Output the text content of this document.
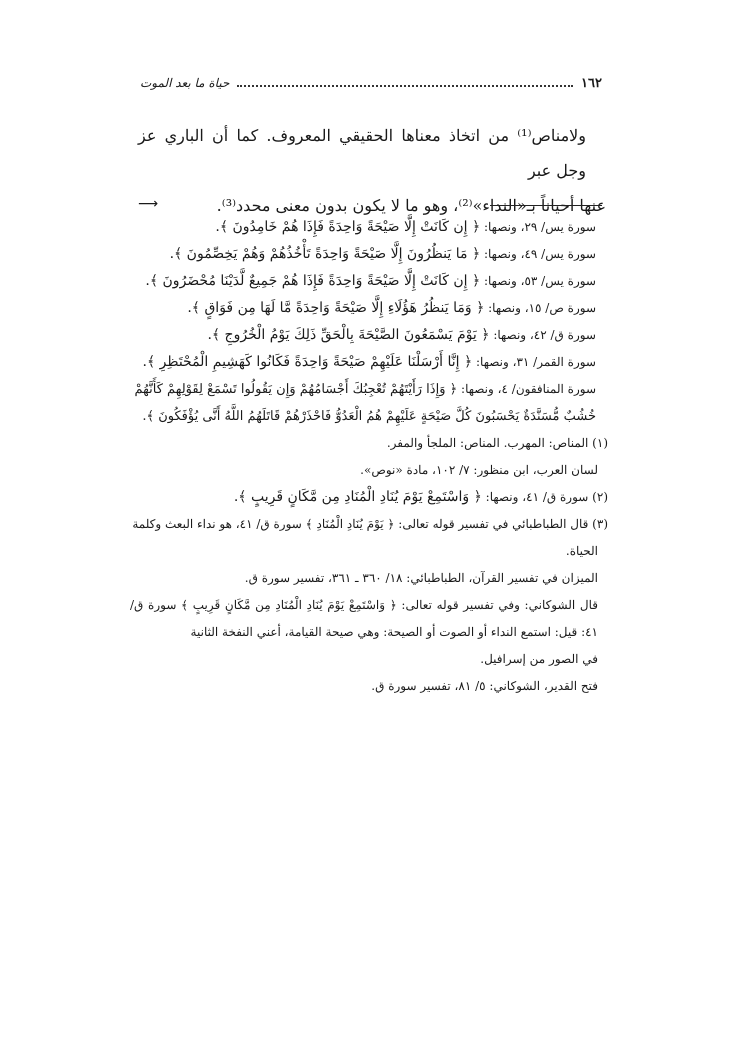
١٦٢
حياة ما بعد الموت
ولامناص⁽¹⁾ من اتخاذ معناها الحقيقي المعروف. كما أن الباري عز وجل عبر
عنها أحياناً بـ«النداء»⁽²⁾، وهو ما لا يكون بدون معنى محدد⁽³⁾.
⟶
سورة يس/ ٢٩، ونصها: ﴿ إِن كَانَتْ إِلَّا صَيْحَةً وَاحِدَةً فَإِذَا هُمْ خَامِدُونَ ﴾.
سورة يس/ ٤٩، ونصها: ﴿ مَا يَنظُرُونَ إِلَّا صَيْحَةً وَاحِدَةً تَأْخُذُهُمْ وَهُمْ يَخِصِّمُونَ ﴾.
سورة يس/ ٥٣، ونصها: ﴿ إِن كَانَتْ إِلَّا صَيْحَةً وَاحِدَةً فَإِذَا هُمْ جَمِيعٌ لَّدَيْنَا مُحْضَرُونَ ﴾.
سورة ص/ ١٥، ونصها: ﴿ وَمَا يَنظُرُ هَؤُلَاءِ إِلَّا صَيْحَةً وَاحِدَةً مَّا لَهَا مِن فَوَاقٍ ﴾.
سورة ق/ ٤٢، ونصها: ﴿ يَوْمَ يَسْمَعُونَ الصَّيْحَةَ بِالْحَقِّ ذَلِكَ يَوْمُ الْخُرُوجِ ﴾.
سورة القمر/ ٣١، ونصها: ﴿ إِنَّا أَرْسَلْنَا عَلَيْهِمْ صَيْحَةً وَاحِدَةً فَكَانُوا كَهَشِيمِ الْمُحْتَظِرِ ﴾.
سورة المنافقون/ ٤، ونصها: ﴿ وَإِذَا رَأَيْتَهُمْ تُعْجِبُكَ أَجْسَامُهُمْ وَإِن يَقُولُوا تَسْمَعْ لِقَوْلِهِمْ كَأَنَّهُمْ
خُشُبٌ مُّسَنَّدَةٌ يَحْسَبُونَ كُلَّ صَيْحَةٍ عَلَيْهِمْ هُمُ الْعَدُوُّ فَاحْذَرْهُمْ قَاتَلَهُمُ اللَّهُ أَنَّى يُؤْفَكُونَ ﴾.
(١) المناص: المهرب. المناص: الملجأ والمفر.
لسان العرب، ابن منظور: ٧/ ١٠٢، مادة «نوص».
(٢) سورة ق/ ٤١، ونصها: ﴿ وَاسْتَمِعْ يَوْمَ يُنَادِ الْمُنَادِ مِن مَّكَانٍ قَرِيبٍ ﴾.
(٣) قال الطباطبائي في تفسير قوله تعالى: ﴿ يَوْمَ يُنَادِ الْمُنَادِ ﴾ سورة ق/ ٤١، هو نداء البعث وكلمة
الحياة.
الميزان في تفسير القرآن، الطباطبائي: ١٨/ ٣٦٠ ـ ٣٦١، تفسير سورة ق.
قال الشوكاني: وفي تفسير قوله تعالى: ﴿ وَاسْتَمِعْ يَوْمَ يُنَادِ الْمُنَادِ مِن مَّكَانٍ قَرِيبٍ ﴾ سورة ق/ ٤١: قيل: استمع النداء أو الصوت أو الصيحة: وهي صيحة القيامة، أعني النفخة الثانية
في الصور من إسرافيل.
فتح القدير، الشوكاني: ٥/ ٨١، تفسير سورة ق.
